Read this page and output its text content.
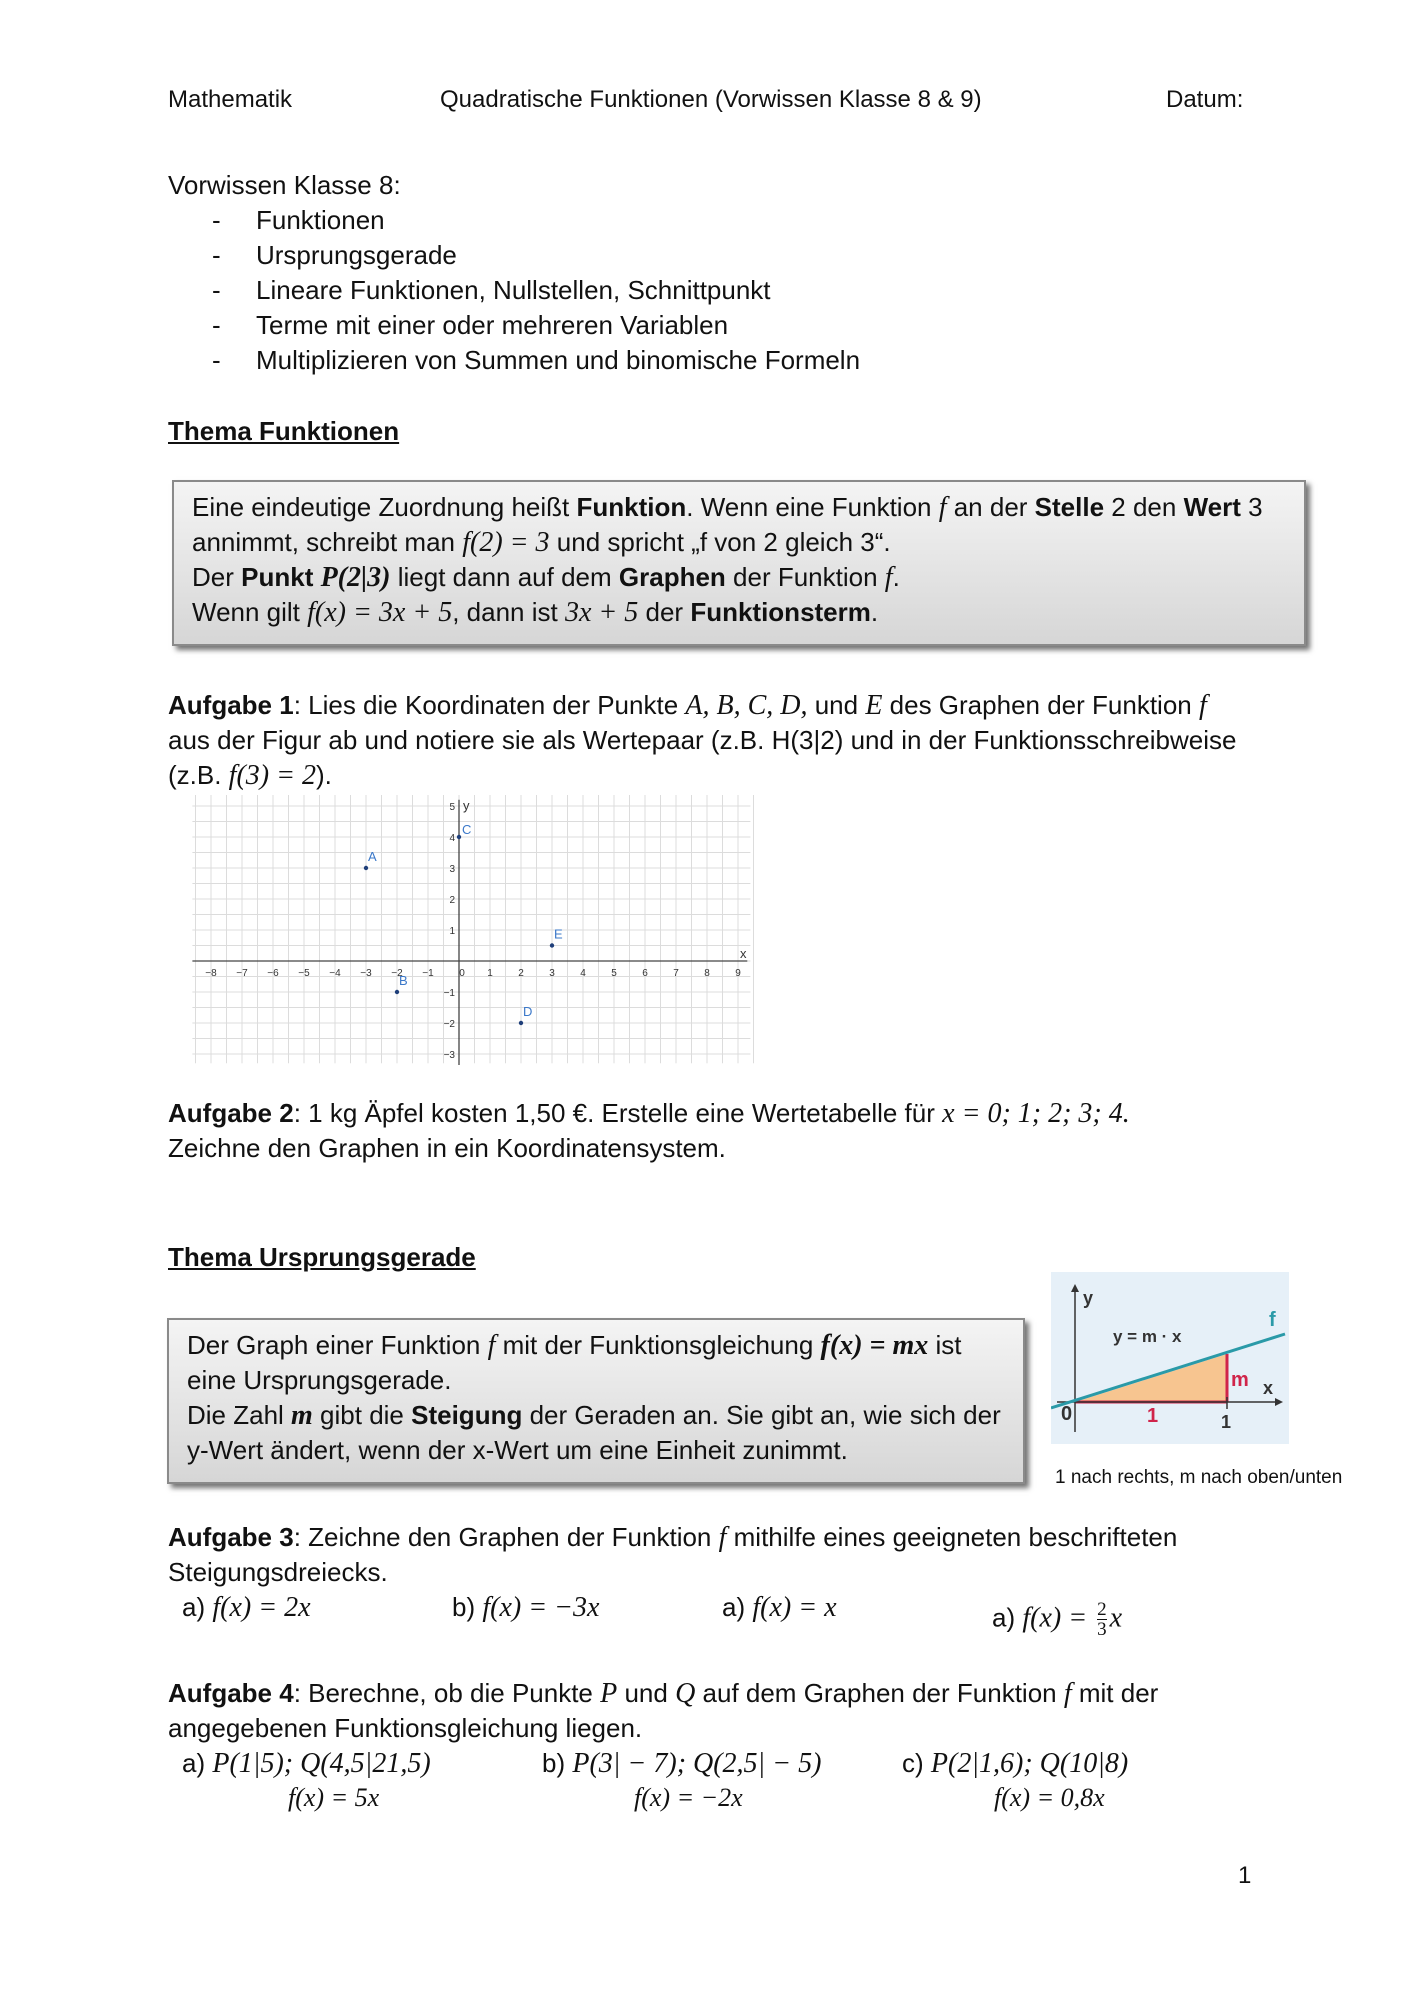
Mathematik	Quadratische Funktionen (Vorwissen Klasse 8 & 9)	Datum:
Vorwissen Klasse 8:
- Funktionen
- Ursprungsgerade
- Lineare Funktionen, Nullstellen, Schnittpunkt
- Terme mit einer oder mehreren Variablen
- Multiplizieren von Summen und binomische Formeln
Thema Funktionen
Eine eindeutige Zuordnung heißt Funktion. Wenn eine Funktion f an der Stelle 2 den Wert 3
annimmt, schreibt man f(2) = 3 und spricht „f von 2 gleich 3“.
Der Punkt P(2|3) liegt dann auf dem Graphen der Funktion f.
Wenn gilt f(x) = 3x + 5, dann ist 3x + 5 der Funktionsterm.
Aufgabe 1: Lies die Koordinaten der Punkte A, B, C, D, und E des Graphen der Funktion f
aus der Figur ab und notiere sie als Wertepaar (z.B. H(3|2) und in der Funktionsschreibweise
(z.B. f(3) = 2).
x
y
−8 −7 −6 −5 −4 −3 −2 −1	0 1	2	3	4	5	6	7	8	9
−3
−2
−1
1
2
3
4
5
A
B
C
D
E
Aufgabe 2: 1 kg Äpfel kosten 1,50 €. Erstelle eine Wertetabelle für x = 0; 1; 2; 3; 4.
Zeichne den Graphen in ein Koordinatensystem.
Thema Ursprungsgerade
Der Graph einer Funktion f mit der Funktionsgleichung f(x) = mx ist
eine Ursprungsgerade.
Die Zahl m gibt die Steigung der Geraden an. Sie gibt an, wie sich der
y-Wert ändert, wenn der x-Wert um eine Einheit zunimmt.
y
x
f
y = m · x
0	1	1
m
1 nach rechts, m nach oben/unten
Aufgabe 3: Zeichne den Graphen der Funktion f mithilfe eines geeigneten beschrifteten
Steigungsdreiecks.
a) f(x) = 2x	b) f(x) = −3x	a) f(x) = x	a) $f(x) = \frac{2}{3}$ x
Aufgabe 4: Berechne, ob die Punkte P und Q auf dem Graphen der Funktion f mit der
angegebenen Funktionsgleichung liegen.
a) P(1|5); Q(4,5|21,5)
f(x) = 5x
b) P(3| − 7); Q(2,5| − 5)
f(x) = −2x
c) P(2|1,6); Q(10|8)
f(x) = 0,8x
1
